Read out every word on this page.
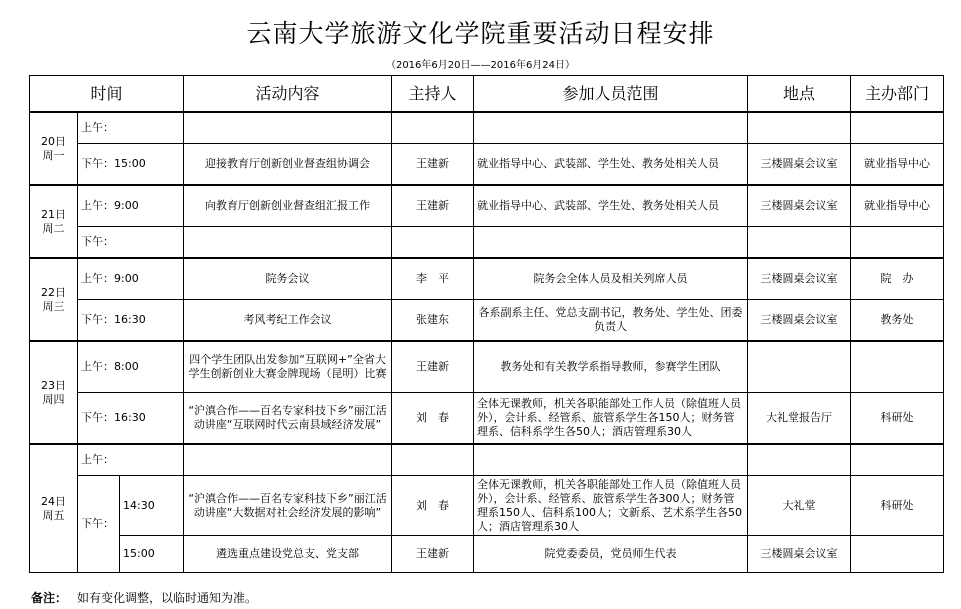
云南大学旅游文化学院重要活动日程安排
（2016年6月20日——2016年6月24日）
时间			活动内容	主持人	参加人员范围	地点	主办部门

20日
周一	上午：						
	下午：15:00		迎接教育厅创新创业督查组协调会	王建新	就业指导中心、武装部、学生处、教务处相关人员	三楼圆桌会议室	就业指导中心

21日
周二	上午：9:00		向教育厅创新创业督查组汇报工作	王建新	就业指导中心、武装部、学生处、教务处相关人员	三楼圆桌会议室	就业指导中心
	下午：						

22日
周三	上午：9:00		院务会议	李　平	院务会全体人员及相关列席人员	三楼圆桌会议室	院　办
	下午：16:30		考风考纪工作会议	张建东	各系副系主任、党总支副书记，教务处、学生处、团委负责人	三楼圆桌会议室	教务处

23日
周四	上午：8:00		四个学生团队出发参加“互联网+”全省大学生创新创业大赛金牌现场（昆明）比赛	王建新	教务处和有关教学系指导教师，参赛学生团队		
	下午：16:30		“沪滇合作——百名专家科技下乡”丽江活动讲座“互联网时代云南县域经济发展”	刘　春	全体无课教师，机关各职能部处工作人员（除值班人员外），会计系、经管系、旅管系学生各150人；财务管理系、信科系学生各50人；酒店管理系30人	大礼堂报告厅	科研处

24日
周五	上午：						
	下午：	14:30	“沪滇合作——百名专家科技下乡”丽江活动讲座“大数据对社会经济发展的影响”	刘　春	全体无课教师，机关各职能部处工作人员（除值班人员外），会计系、经管系、旅管系学生各300人；财务管理系150人、信科系100人；文新系、艺术系学生各50人；酒店管理系30人	大礼堂	科研处
		15:00	遴选重点建设党总支、党支部	王建新	院党委委员，党员师生代表	三楼圆桌会议室	
备注： 如有变化调整，以临时通知为准。
